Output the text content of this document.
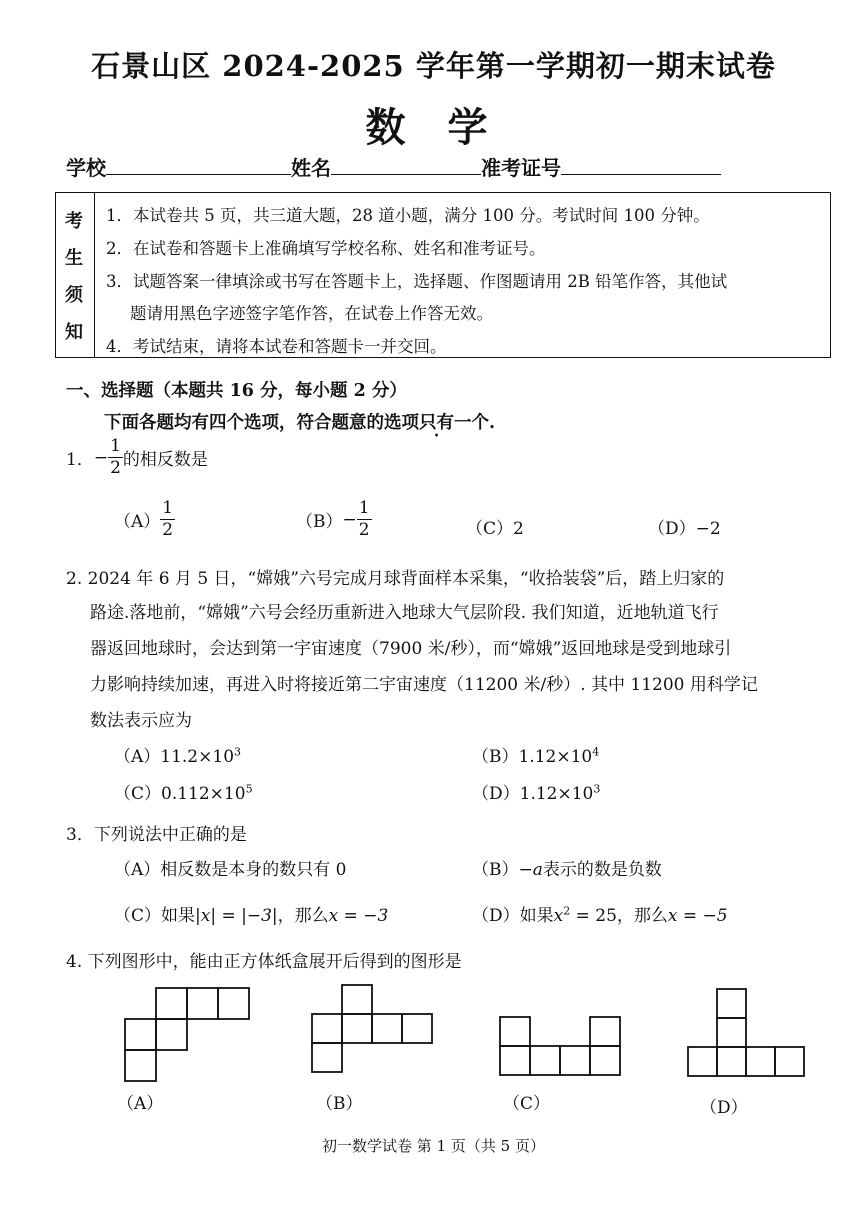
石景山区 2024-2025 学年第一学期初一期末试卷
数 学
学校	姓名	准考证号
考
生
须
知
1．本试卷共 5 页，共三道大题，28 道小题，满分 100 分。考试时间 100 分钟。
2．在试卷和答题卡上准确填写学校名称、姓名和准考证号。
3．试题答案一律填涂或书写在答题卡上，选择题、作图题请用 2B 铅笔作答，其他试
题请用黑色字迹签字笔作答，在试卷上作答无效。
4．考试结束，请将本试卷和答题卡一并交回。
一、选择题（本题共 16 分，每小题 2 分）
下面各题均有四个选项，符合题意的选项只有一个.
1． − $\frac{1}{2}$ 的相反数是
$(A) \frac{1}{2}$	$(B) - \frac{1}{2}$	（C）2	（D）−2
2. 2024 年 6 月 5 日，“嫦娥”六号完成月球背面样本采集，“收拾装袋”后，踏上归家的
路途.落地前，“嫦娥”六号会经历重新进入地球大气层阶段. 我们知道，近地轨道飞行
器返回地球时，会达到第一宇宙速度（7900 米/秒），而“嫦娥”返回地球是受到地球引
力影响持续加速，再进入时将接近第二宇宙速度（11200 米/秒）. 其中 11200 用科学记
数法表示应为
$(A)11.2\times 10^3$	$(B)1.12\times 10^4$
$(C)0.112\times 10^5$	$(D)1.12\times 10^3$
3．下列说法中正确的是
（A）相反数是本身的数只有 0	（B）−a表示的数是负数
（C）如果|x| = |−3|，那么x = −3	（D）如果$x^2 = 25$，那么x = −5
4. 下列图形中，能由正方体纸盒展开后得到的图形是
（A）	（B）	（C）	（D）
初一数学试卷 第 1 页（共 5 页）
